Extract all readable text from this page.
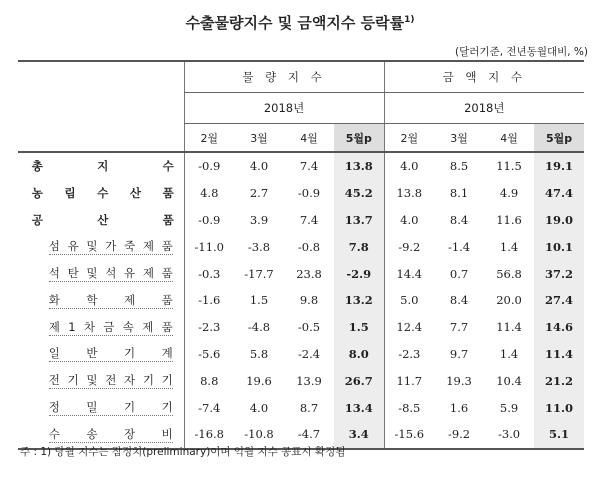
수출물량지수 및 금액지수 등락률$^{1)}$
(달러기준, 전년동월대비, %)
	물 량 지 수				금 액 지 수			
	2018년				2018년			
	2월	3월	4월	5월p	2월	3월	4월	5월p
총 지 수	-0.9	4.0	7.4	13.8	4.0	8.5	11.5	19.1
농 림 수 산 품	4.8	2.7	-0.9	45.2	13.8	8.1	4.9	47.4
공 산 품	-0.9	3.9	7.4	13.7	4.0	8.4	11.6	19.0
섬 유 및 가 죽 제 품	-11.0	-3.8	-0.8	7.8	-9.2	-1.4	1.4	10.1
석 탄 및 석 유 제 품	-0.3	-17.7	23.8	-2.9	14.4	0.7	56.8	37.2
화 학 제 품	-1.6	1.5	9.8	13.2	5.0	8.4	20.0	27.4
제 1 차 금 속 제 품	-2.3	-4.8	-0.5	1.5	12.4	7.7	11.4	14.6
일 반 기 계	-5.6	5.8	-2.4	8.0	-2.3	9.7	1.4	11.4
전 기 및 전 자 기 기	8.8	19.6	13.9	26.7	11.7	19.3	10.4	21.2
정 밀 기 기	-7.4	4.0	8.7	13.4	-8.5	1.6	5.9	11.0
수 송 장 비	-16.8	-10.8	-4.7	3.4	-15.6	-9.2	-3.0	5.1
주 : 1) 당월 지수는 잠정치(preliminary)이며 익월 지수 공표시 확정됨
